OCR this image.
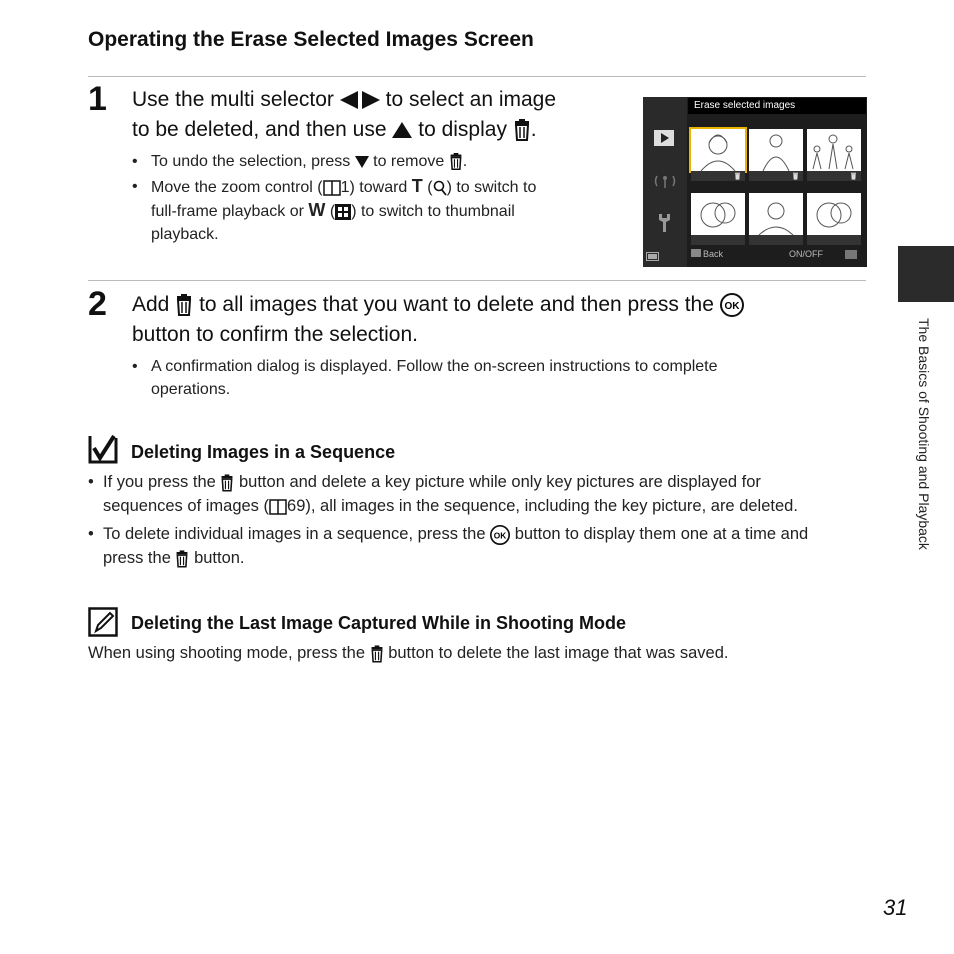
Operating the Erase Selected Images Screen
1 Use the multi selector to select an image
to be deleted, and then use to display .
• To undo the selection, press to remove .
• Move the zoom control ( 1) toward T ( ) to switch to
full-frame playback or W ( ) to switch to thumbnail
playback.
Erase selected images
Back	ON/OFF
2 Add to all images that you want to delete and then press the OK
button to confirm the selection.
• A confirmation dialog is displayed. Follow the on-screen instructions to complete
operations.
Deleting Images in a Sequence
• If you press the button and delete a key picture while only key pictures are displayed for
sequences of images ( 69), all images in the sequence, including the key picture, are deleted.
• To delete individual images in a sequence, press the OK button to display them one at a time and
press the button.
Deleting the Last Image Captured While in Shooting Mode
When using shooting mode, press the button to delete the last image that was saved.
The Basics of Shooting and Playback
31
